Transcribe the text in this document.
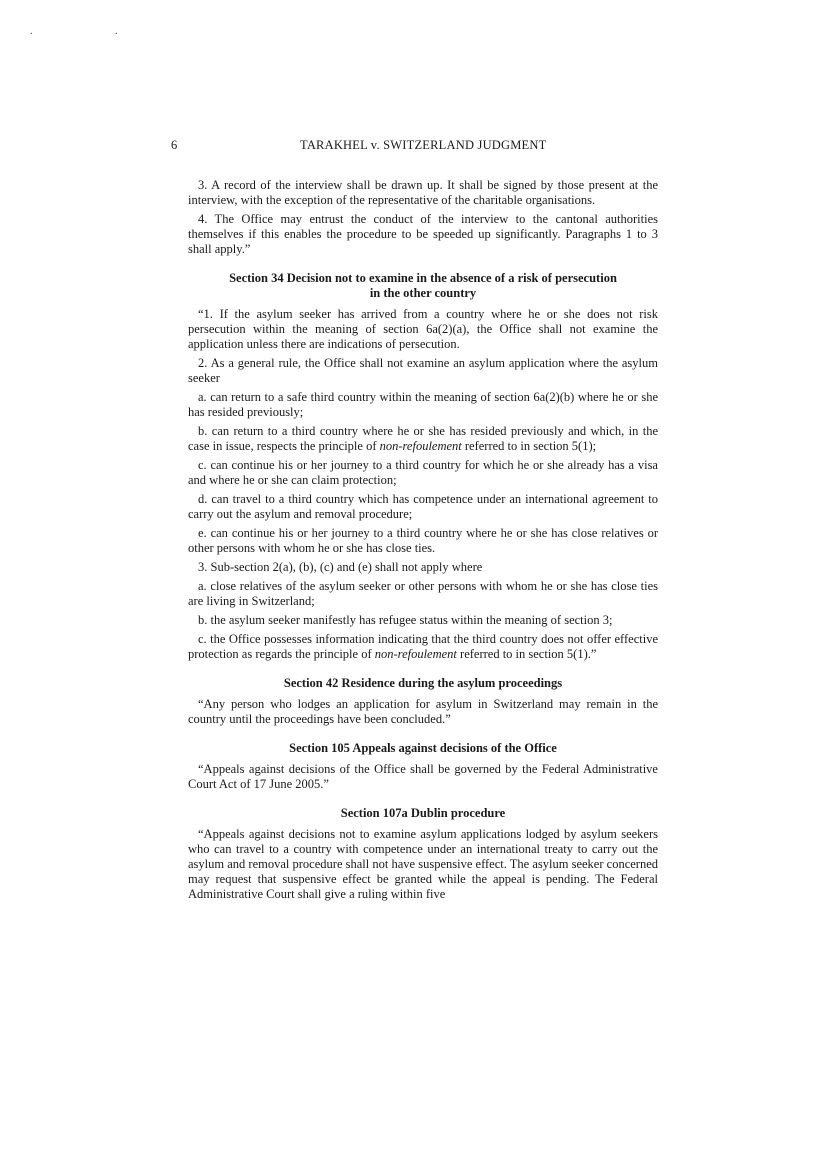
. .
6	TARAKHEL v. SWITZERLAND JUDGMENT

3. A record of the interview shall be drawn up. It shall be signed by those present at the interview, with the exception of the representative of the charitable organisations.

4. The Office may entrust the conduct of the interview to the cantonal authorities themselves if this enables the procedure to be speeded up significantly. Paragraphs 1 to 3 shall apply.”

Section 34 Decision not to examine in the absence of a risk of persecution
in the other country

“1. If the asylum seeker has arrived from a country where he or she does not risk persecution within the meaning of section 6a(2)(a), the Office shall not examine the application unless there are indications of persecution.

2. As a general rule, the Office shall not examine an asylum application where the asylum seeker

a. can return to a safe third country within the meaning of section 6a(2)(b) where he or she has resided previously;

b. can return to a third country where he or she has resided previously and which, in the case in issue, respects the principle of non-refoulement referred to in section 5(1);

c. can continue his or her journey to a third country for which he or she already has a visa and where he or she can claim protection;

d. can travel to a third country which has competence under an international agreement to carry out the asylum and removal procedure;

e. can continue his or her journey to a third country where he or she has close relatives or other persons with whom he or she has close ties.

3. Sub-section 2(a), (b), (c) and (e) shall not apply where

a. close relatives of the asylum seeker or other persons with whom he or she has close ties are living in Switzerland;

b. the asylum seeker manifestly has refugee status within the meaning of section 3;

c. the Office possesses information indicating that the third country does not offer effective protection as regards the principle of non-refoulement referred to in section 5(1).”

Section 42 Residence during the asylum proceedings

“Any person who lodges an application for asylum in Switzerland may remain in the country until the proceedings have been concluded.”

Section 105 Appeals against decisions of the Office

“Appeals against decisions of the Office shall be governed by the Federal Administrative Court Act of 17 June 2005.”

Section 107a Dublin procedure

“Appeals against decisions not to examine asylum applications lodged by asylum seekers who can travel to a country with competence under an international treaty to carry out the asylum and removal procedure shall not have suspensive effect. The asylum seeker concerned may request that suspensive effect be granted while the appeal is pending. The Federal Administrative Court shall give a ruling within five
